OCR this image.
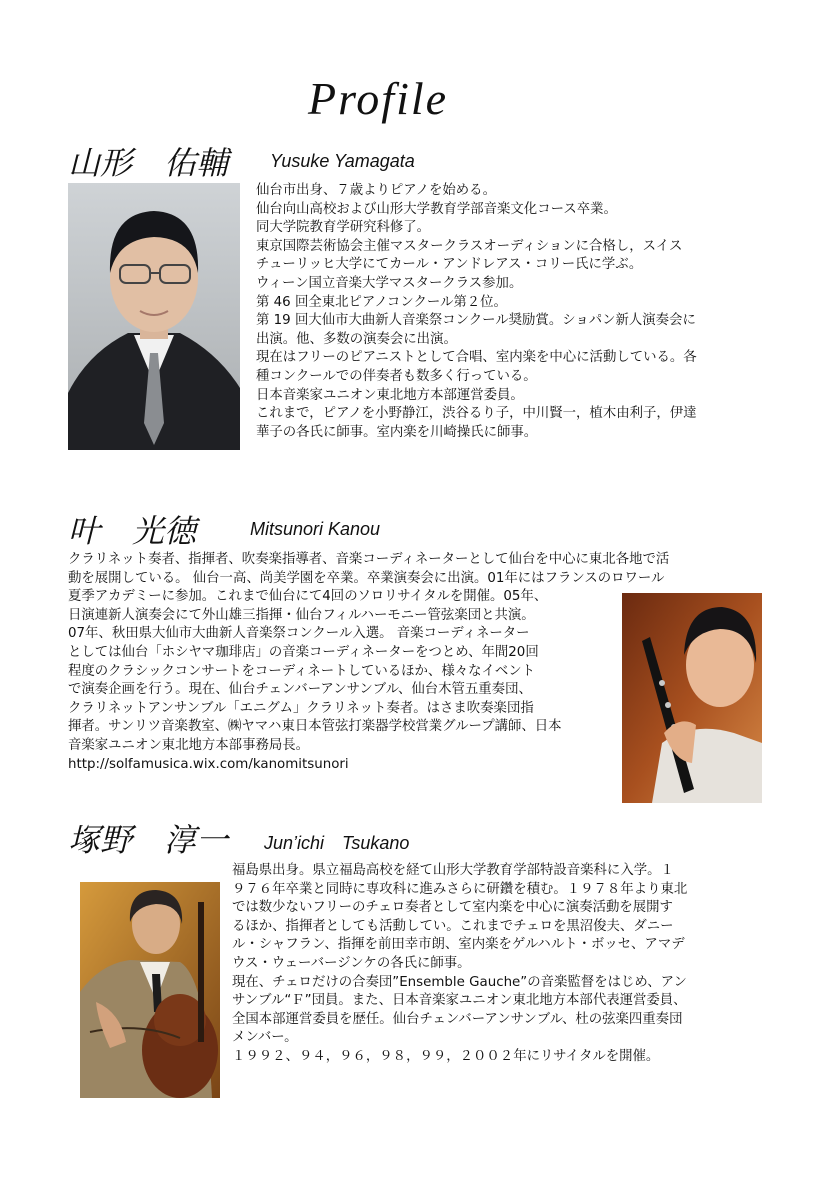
Profile
山形　佑輔 Yusuke Yamagata
仙台市出身、７歳よりピアノを始める。
仙台向山高校および山形大学教育学部音楽文化コース卒業。
同大学院教育学研究科修了。
東京国際芸術協会主催マスタークラスオーディションに合格し，スイス
チューリッヒ大学にてカール・アンドレアス・コリー氏に学ぶ。
ウィーン国立音楽大学マスタークラス参加。
第 46 回全東北ピアノコンクール第２位。
第 19 回大仙市大曲新人音楽祭コンクール奨励賞。ショパン新人演奏会に
出演。他、多数の演奏会に出演。
現在はフリーのピアニストとして合唱、室内楽を中心に活動している。各
種コンクールでの伴奏者も数多く行っている。
日本音楽家ユニオン東北地方本部運営委員。
これまで，ピアノを小野静江，渋谷るり子，中川賢一，植木由利子，伊達
華子の各氏に師事。室内楽を川崎操氏に師事。
叶　光徳	Mitsunori Kanou
クラリネット奏者、指揮者、吹奏楽指導者、音楽コーディネーターとして仙台を中心に東北各地で活
動を展開している。 仙台一高、尚美学園を卒業。卒業演奏会に出演。01年にはフランスのロワール
夏季アカデミーに参加。これまで仙台にて4回のソロリサイタルを開催。05年、
日演連新人演奏会にて外山雄三指揮・仙台フィルハーモニー管弦楽団と共演。
07年、秋田県大仙市大曲新人音楽祭コンクール入選。 音楽コーディネーター
としては仙台「ホシヤマ珈琲店」の音楽コーディネーターをつとめ、年間20回
程度のクラシックコンサートをコーディネートしているほか、様々なイベント
で演奏企画を行う。現在、仙台チェンバーアンサンブル、仙台木管五重奏団、
クラリネットアンサンブル「エニグム」クラリネット奏者。はさま吹奏楽団指
揮者。サンリツ音楽教室、㈱ヤマハ東日本管弦打楽器学校営業グループ講師、日本
音楽家ユニオン東北地方本部事務局長。
http://solfamusica.wix.com/kanomitsunori
塚野　淳一 Jun’ichi　Tsukano
福島県出身。県立福島高校を経て山形大学教育学部特設音楽科に入学。１
９７６年卒業と同時に専攻科に進みさらに研鑽を積む。１９７８年より東北
では数少ないフリーのチェロ奏者として室内楽を中心に演奏活動を展開す
るほか、指揮者としても活動してい。これまでチェロを黒沼俊夫、ダニー
ル・シャフラン、指揮を前田幸市朗、室内楽をゲルハルト・ボッセ、アマデ
ウス・ウェーバージンケの各氏に師事。
現在、チェロだけの合奏団”Ensemble Gauche”の音楽監督をはじめ、アン
サンブル“Ｆ”団員。また、日本音楽家ユニオン東北地方本部代表運営委員、
全国本部運営委員を歴任。仙台チェンバーアンサンブル、杜の弦楽四重奏団
メンバー。
１９９２、９４，９６，９８，９９，２００２年にリサイタルを開催。
